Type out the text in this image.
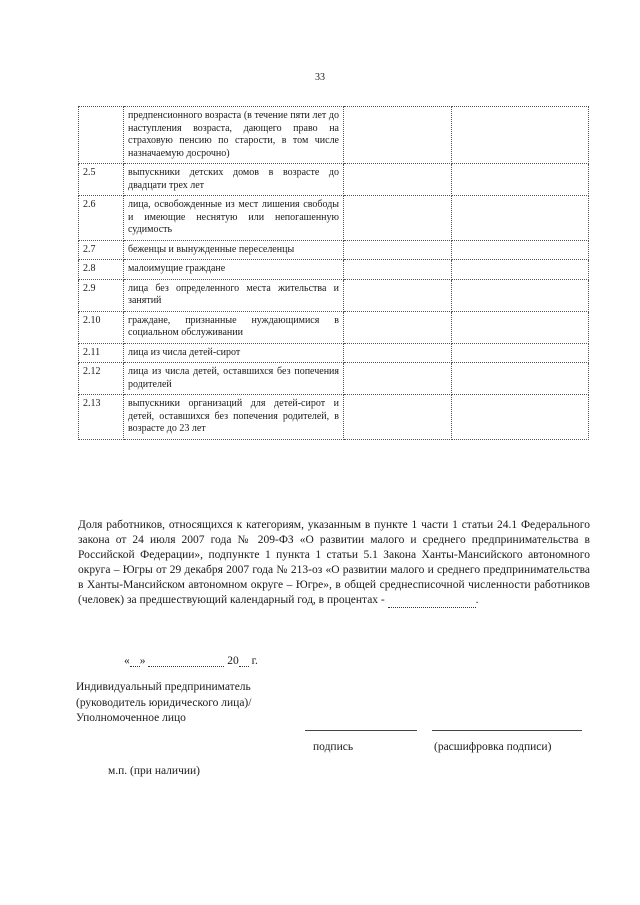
33
	предпенсионного возраста (в течение пяти лет до наступления возраста, дающего право на страховую пенсию по старости, в том числе назначаемую досрочно)		
2.5	выпускники детских домов в возрасте до двадцати трех лет		
2.6	лица, освобожденные из мест лишения свободы и имеющие неснятую или непогашенную судимость		
2.7	беженцы и вынужденные переселенцы		
2.8	малоимущие граждане		
2.9	лица без определенного места жительства и занятий		
2.10	граждане, признанные нуждающимися в социальном обслуживании		
2.11	лица из числа детей-сирот		
2.12	лица из числа детей, оставшихся без попечения родителей		
2.13	выпускники организаций для детей-сирот и детей, оставшихся без попечения родителей, в возрасте до 23 лет		
Доля работников, относящихся к категориям, указанным в пункте 1 части 1 статьи 24.1 Федерального закона от 24 июля 2007 года № 209-ФЗ «О развитии малого и среднего предпринимательства в Российской Федерации», подпункте 1 пункта 1 статьи 5.1 Закона Ханты-Мансийского автономного округа – Югры от 29 декабря 2007 года № 213-оз «О развитии малого и среднего предпринимательства в Ханты-Мансийском автономном округе – Югре», в общей среднесписочной численности работников (человек) за предшествующий календарный год, в процентах -	.
« »	20 г.
Индивидуальный предприниматель
(руководитель юридического лица)/
Уполномоченное лицо
подпись	(расшифровка подписи)
м.п. (при наличии)
